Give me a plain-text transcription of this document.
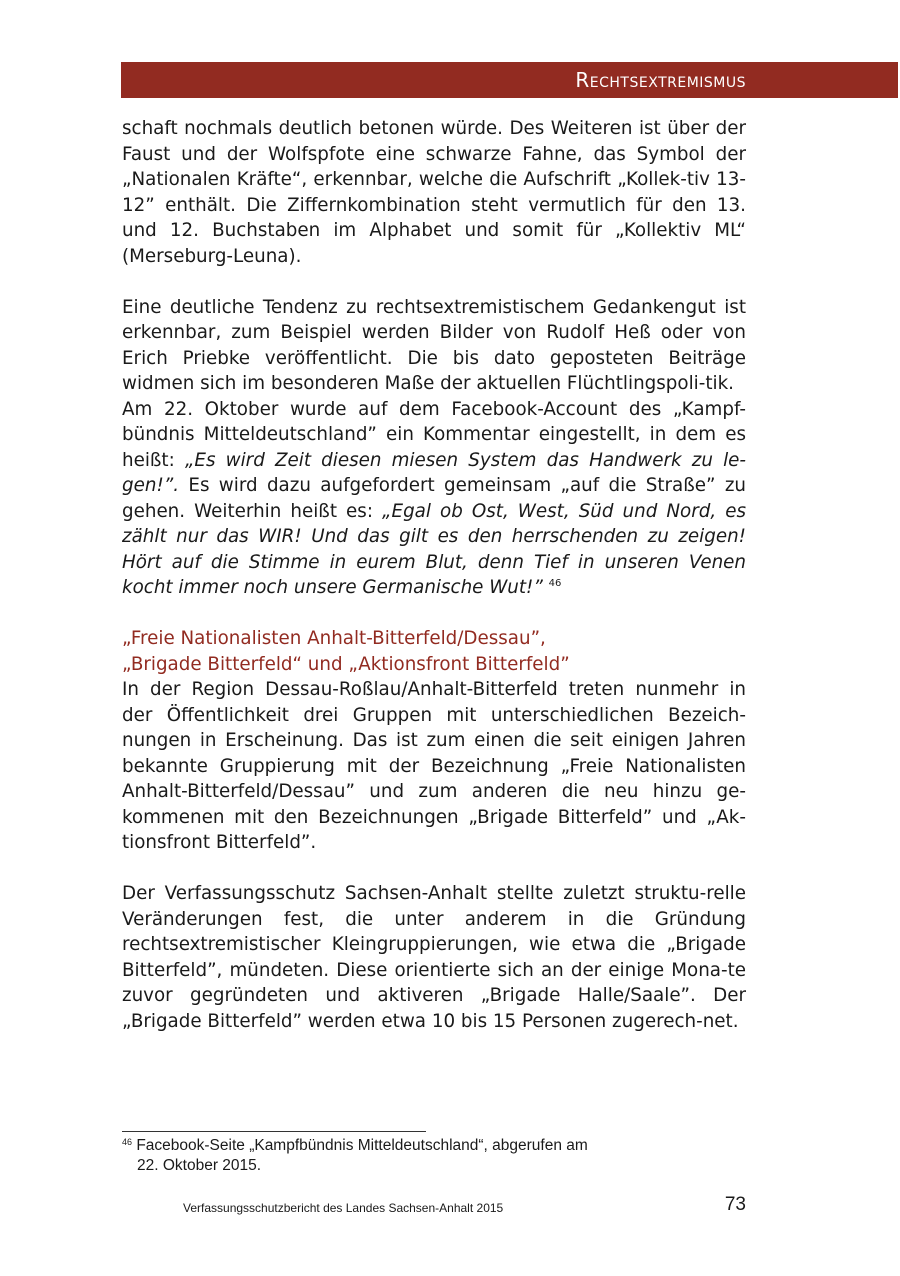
Rechtsextremismus

schaft nochmals deutlich betonen würde. Des Weiteren ist über der Faust und der Wolfspfote eine schwarze Fahne, das Symbol der „Nationalen Kräfte“, erkennbar, welche die Aufschrift „Kollek-tiv 13-12” enthält. Die Ziffernkombination steht vermutlich für den 13. und 12. Buchstaben im Alphabet und somit für „Kollektiv ML“ (Merseburg-Leuna).

Eine deutliche Tendenz zu rechtsextremistischem Gedankengut ist erkennbar, zum Beispiel werden Bilder von Rudolf Heß oder von Erich Priebke veröffentlicht. Die bis dato geposteten Beiträge widmen sich im besonderen Maße der aktuellen Flüchtlingspoli-tik.

Am 22. Oktober wurde auf dem Facebook-Account des „Kampf-bündnis Mitteldeutschland” ein Kommentar eingestellt, in dem es heißt: „Es wird Zeit diesen miesen System das Handwerk zu le-gen!”. Es wird dazu aufgefordert gemeinsam „auf die Straße” zu gehen. Weiterhin heißt es: „Egal ob Ost, West, Süd und Nord, es zählt nur das WIR! Und das gilt es den herrschenden zu zeigen! Hört auf die Stimme in eurem Blut, denn Tief in unseren Venen kocht immer noch unsere Germanische Wut!” $^{46}$

„Freie Nationalisten Anhalt-Bitterfeld/Dessau”,
„Brigade Bitterfeld“ und „Aktionsfront Bitterfeld”

In der Region Dessau-Roßlau/Anhalt-Bitterfeld treten nunmehr in der Öffentlichkeit drei Gruppen mit unterschiedlichen Bezeich-nungen in Erscheinung. Das ist zum einen die seit einigen Jahren bekannte Gruppierung mit der Bezeichnung „Freie Nationalisten Anhalt-Bitterfeld/Dessau” und zum anderen die neu hinzu ge-kommenen mit den Bezeichnungen „Brigade Bitterfeld” und „Ak-tionsfront Bitterfeld”.

Der Verfassungsschutz Sachsen-Anhalt stellte zuletzt struktu-relle Veränderungen fest, die unter anderem in die Gründung rechtsextremistischer Kleingruppierungen, wie etwa die „Brigade Bitterfeld”, mündeten. Diese orientierte sich an der einige Mona-te zuvor gegründeten und aktiveren „Brigade Halle/Saale”. Der „Brigade Bitterfeld” werden etwa 10 bis 15 Personen zugerech-net.

$^{46}$ Facebook-Seite „Kampfbündnis Mitteldeutschland“, abgerufen am
22. Oktober 2015.
Verfassungsschutzbericht des Landes Sachsen-Anhalt 2015	73
